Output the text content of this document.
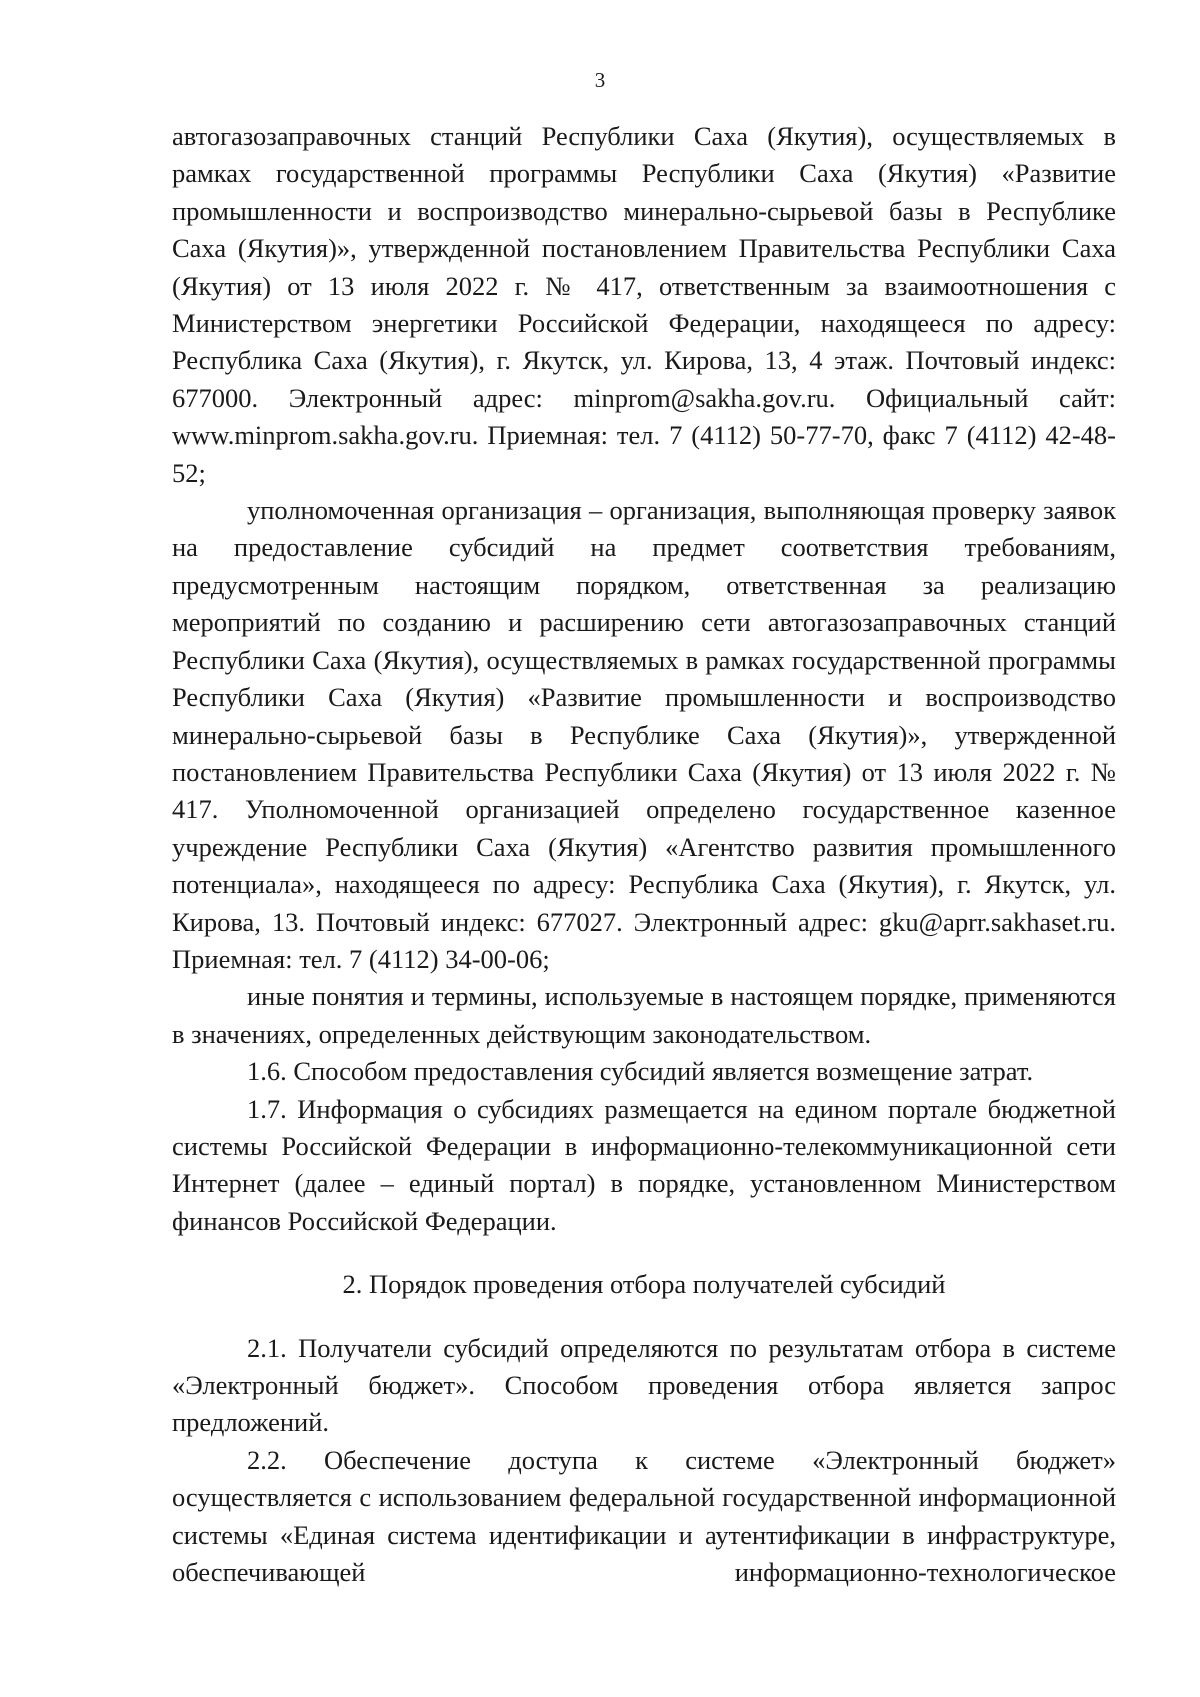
3

автогазозаправочных станций Республики Саха (Якутия), осуществляемых в рамках государственной программы Республики Саха (Якутия) «Развитие промышленности и воспроизводство минерально-сырьевой базы в Республике Саха (Якутия)», утвержденной постановлением Правительства Республики Саха (Якутия) от 13 июля 2022 г. № 417, ответственным за взаимоотношения с Министерством энергетики Российской Федерации, находящееся по адресу: Республика Саха (Якутия), г. Якутск, ул. Кирова, 13, 4 этаж. Почтовый индекс: 677000. Электронный адрес: minprom@sakha.gov.ru. Официальный сайт: www.minprom.sakha.gov.ru. Приемная: тел. 7 (4112) 50-77-70, факс 7 (4112) 42-48-52;

уполномоченная организация – организация, выполняющая проверку заявок на предоставление субсидий на предмет соответствия требованиям, предусмотренным настоящим порядком, ответственная за реализацию мероприятий по созданию и расширению сети автогазозаправочных станций Республики Саха (Якутия), осуществляемых в рамках государственной программы Республики Саха (Якутия) «Развитие промышленности и воспроизводство минерально-сырьевой базы в Республике Саха (Якутия)», утвержденной постановлением Правительства Республики Саха (Якутия) от 13 июля 2022 г. № 417. Уполномоченной организацией определено государственное казенное учреждение Республики Саха (Якутия) «Агентство развития промышленного потенциала», находящееся по адресу: Республика Саха (Якутия), г. Якутск, ул. Кирова, 13. Почтовый индекс: 677027. Электронный адрес: gku@aprr.sakhaset.ru. Приемная: тел. 7 (4112) 34-00-06;

иные понятия и термины, используемые в настоящем порядке, применяются в значениях, определенных действующим законодательством.

1.6. Способом предоставления субсидий является возмещение затрат.

1.7. Информация о субсидиях размещается на едином портале бюджетной системы Российской Федерации в информационно-телекоммуникационной сети Интернет (далее – единый портал) в порядке, установленном Министерством финансов Российской Федерации.

2. Порядок проведения отбора получателей субсидий

2.1. Получатели субсидий определяются по результатам отбора в системе «Электронный бюджет». Способом проведения отбора является запрос предложений.

2.2. Обеспечение доступа к системе «Электронный бюджет» осуществляется с использованием федеральной государственной информационной системы «Единая система идентификации и аутентификации в инфраструктуре, обеспечивающей информационно-технологическое
